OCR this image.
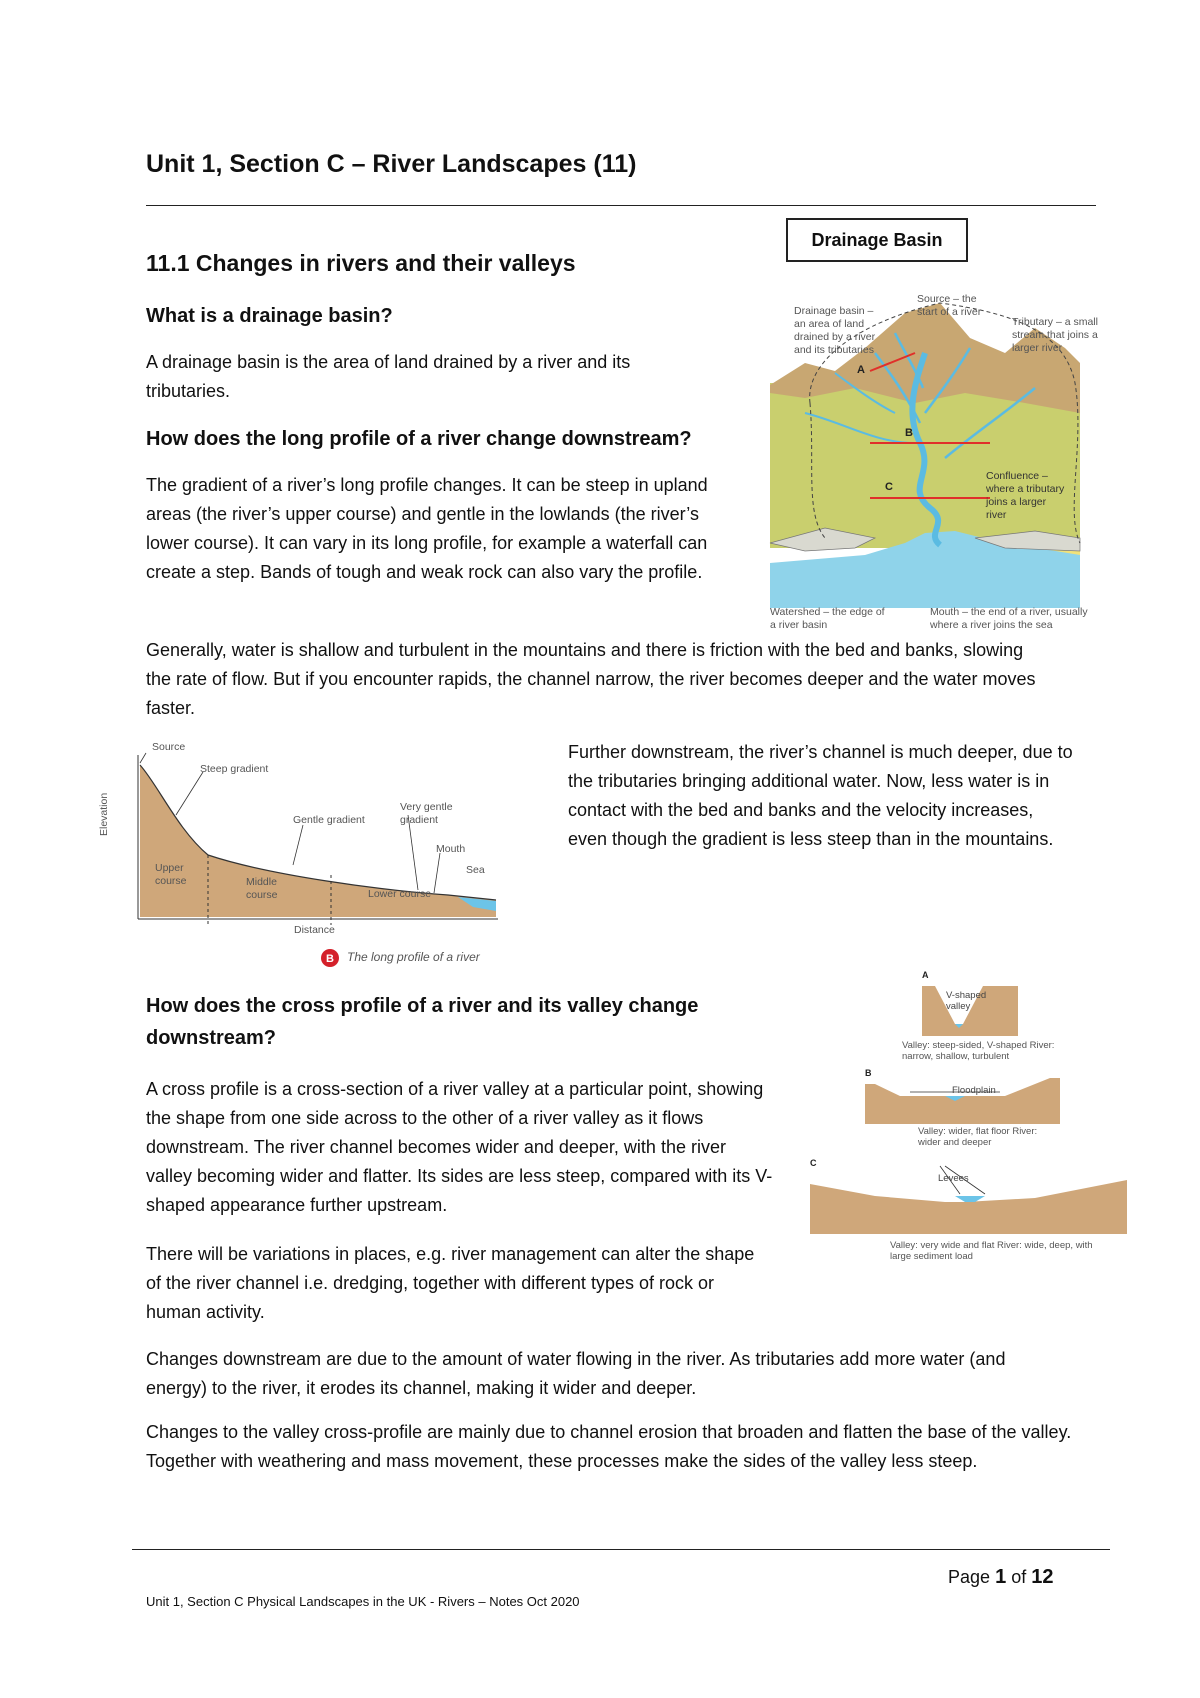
Unit 1, Section C – River Landscapes (11)
Drainage Basin
11.1 Changes in rivers and their valleys
What is a drainage basin?
A drainage basin is the area of land drained by a river and its tributaries.
How does the long profile of a river change downstream?
The gradient of a river’s long profile changes. It can be steep in upland areas (the river’s upper course) and gentle in the lowlands (the river’s lower course). It can vary in its long profile, for example a waterfall can create a step. Bands of tough and weak rock can also vary the profile.
Generally, water is shallow and turbulent in the mountains and there is friction with the bed and banks, slowing the rate of flow. But if you encounter rapids, the channel narrow, the river becomes deeper and the water moves faster.
A
B
C
Drainage basin – an area of land drained by a river and its tributaries
Source – the start of a river
Tributary – a small stream that joins a larger river
Confluence – where a tributary joins a larger river
Watershed – the edge of a river basin
Mouth – the end of a river, usually where a river joins the sea
B
Source
Steep gradient
Gentle gradient
Very gentle gradient
Mouth
Sea
Elevation
Upper course	Middle course	Lower course
Distance
The long profile of a river
Further downstream, the river’s channel is much deeper, due to the tributaries bringing additional water. Now, less water is in contact with the bed and banks and the velocity increases, even though the gradient is less steep than in the mountains.
How does the cross profile of a river and its valley change downstream?
A cross profile is a cross-section of a river valley at a particular point, showing the shape from one side across to the other of a river valley as it flows downstream. The river channel becomes wider and deeper, with the river valley becoming wider and flatter. Its sides are less steep, compared with its V-shaped appearance further upstream.
There will be variations in places, e.g. river management can alter the shape of the river channel i.e. dredging, together with different types of rock or human activity.
Changes downstream are due to the amount of water flowing in the river. As tributaries add more water (and energy) to the river, it erodes its channel, making it wider and deeper.
Changes to the valley cross-profile are mainly due to channel erosion that broaden and flatten the base of the valley. Together with weathering and mass movement, these processes make the sides of the valley less steep.
A
B
C
V-shaped valley
Valley: steep-sided, V-shaped River: narrow, shallow, turbulent
Floodplain
Valley: wider, flat floor River: wider and deeper
Levees
Valley: very wide and flat River: wide, deep, with large sediment load
Page 1 of 12
Unit 1, Section C Physical Landscapes in the UK - Rivers – Notes Oct 2020
